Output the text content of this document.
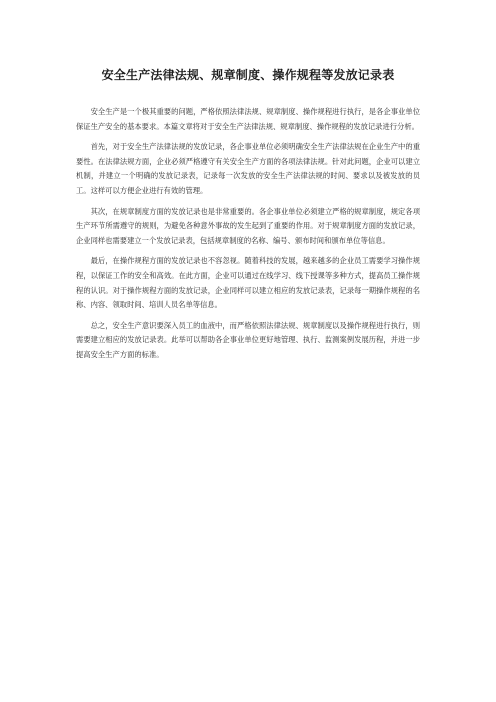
安全生产法律法规、规章制度、操作规程等发放记录表

安全生产是一个极其重要的问题，严格依照法律法规、规章制度、操作规程进行执行，是各企事业单位保证生产安全的基本要求。本篇文章将对于安全生产法律法规、规章制度、操作规程的发放记录进行分析。

首先，对于安全生产法律法规的发放记录，各企事业单位必须明确安全生产法律法规在企业生产中的重要性。在法律法规方面，企业必须严格遵守有关安全生产方面的各项法律法规。针对此问题，企业可以建立机制，并建立一个明确的发放记录表，记录每一次发放的安全生产法律法规的时间、要求以及被发放的员工。这样可以方便企业进行有效的管理。

其次，在规章制度方面的发放记录也是非常重要的。各企事业单位必须建立严格的规章制度，规定各项生产环节所需遵守的规则，为避免各种意外事故的发生起到了重要的作用。对于规章制度方面的发放记录，企业同样也需要建立一个发放记录表，包括规章制度的名称、编号、颁布时间和颁布单位等信息。

最后，在操作规程方面的发放记录也不容忽视。随着科技的发展，越来越多的企业员工需要学习操作规程，以保证工作的安全和高效。在此方面，企业可以通过在线学习、线下授课等多种方式，提高员工操作规程的认识。对于操作规程方面的发放记录，企业同样可以建立相应的发放记录表，记录每一期操作规程的名称、内容、领取时间、培训人员名单等信息。

总之，安全生产意识要深入员工的血液中，而严格依照法律法规、规章制度以及操作规程进行执行，则需要建立相应的发放记录表。此举可以帮助各企事业单位更好地管理、执行、监测案例发展历程，并进一步提高安全生产方面的标准。
